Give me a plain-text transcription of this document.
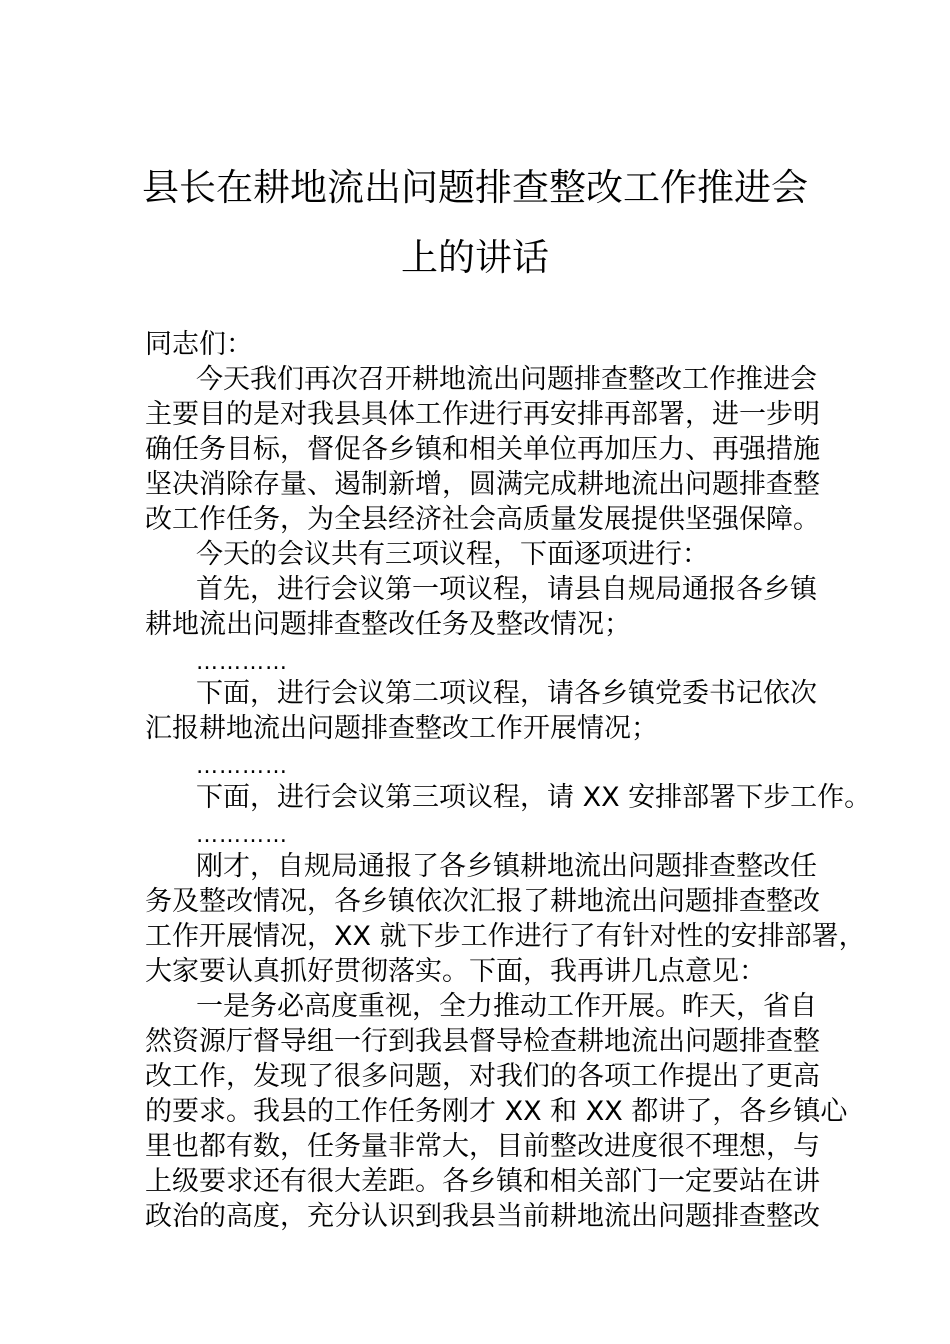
县长在耕地流出问题排查整改工作推进会
上的讲话
同志们：
今天我们再次召开耕地流出问题排查整改工作推进会
主要目的是对我县具体工作进行再安排再部署，进一步明
确任务目标，督促各乡镇和相关单位再加压力、再强措施
坚决消除存量、遏制新增，圆满完成耕地流出问题排查整
改工作任务，为全县经济社会高质量发展提供坚强保障。
今天的会议共有三项议程，下面逐项进行：
首先，进行会议第一项议程，请县自规局通报各乡镇
耕地流出问题排查整改任务及整改情况；
…………
下面，进行会议第二项议程，请各乡镇党委书记依次
汇报耕地流出问题排查整改工作开展情况；
…………
下面，进行会议第三项议程，请 XX 安排部署下步工作。
…………
刚才，自规局通报了各乡镇耕地流出问题排查整改任
务及整改情况，各乡镇依次汇报了耕地流出问题排查整改
工作开展情况，XX 就下步工作进行了有针对性的安排部署，
大家要认真抓好贯彻落实。下面，我再讲几点意见：
一是务必高度重视，全力推动工作开展。昨天，省自
然资源厅督导组一行到我县督导检查耕地流出问题排查整
改工作，发现了很多问题，对我们的各项工作提出了更高
的要求。我县的工作任务刚才 XX 和 XX 都讲了，各乡镇心
里也都有数，任务量非常大，目前整改进度很不理想，与
上级要求还有很大差距。各乡镇和相关部门一定要站在讲
政治的高度，充分认识到我县当前耕地流出问题排查整改
